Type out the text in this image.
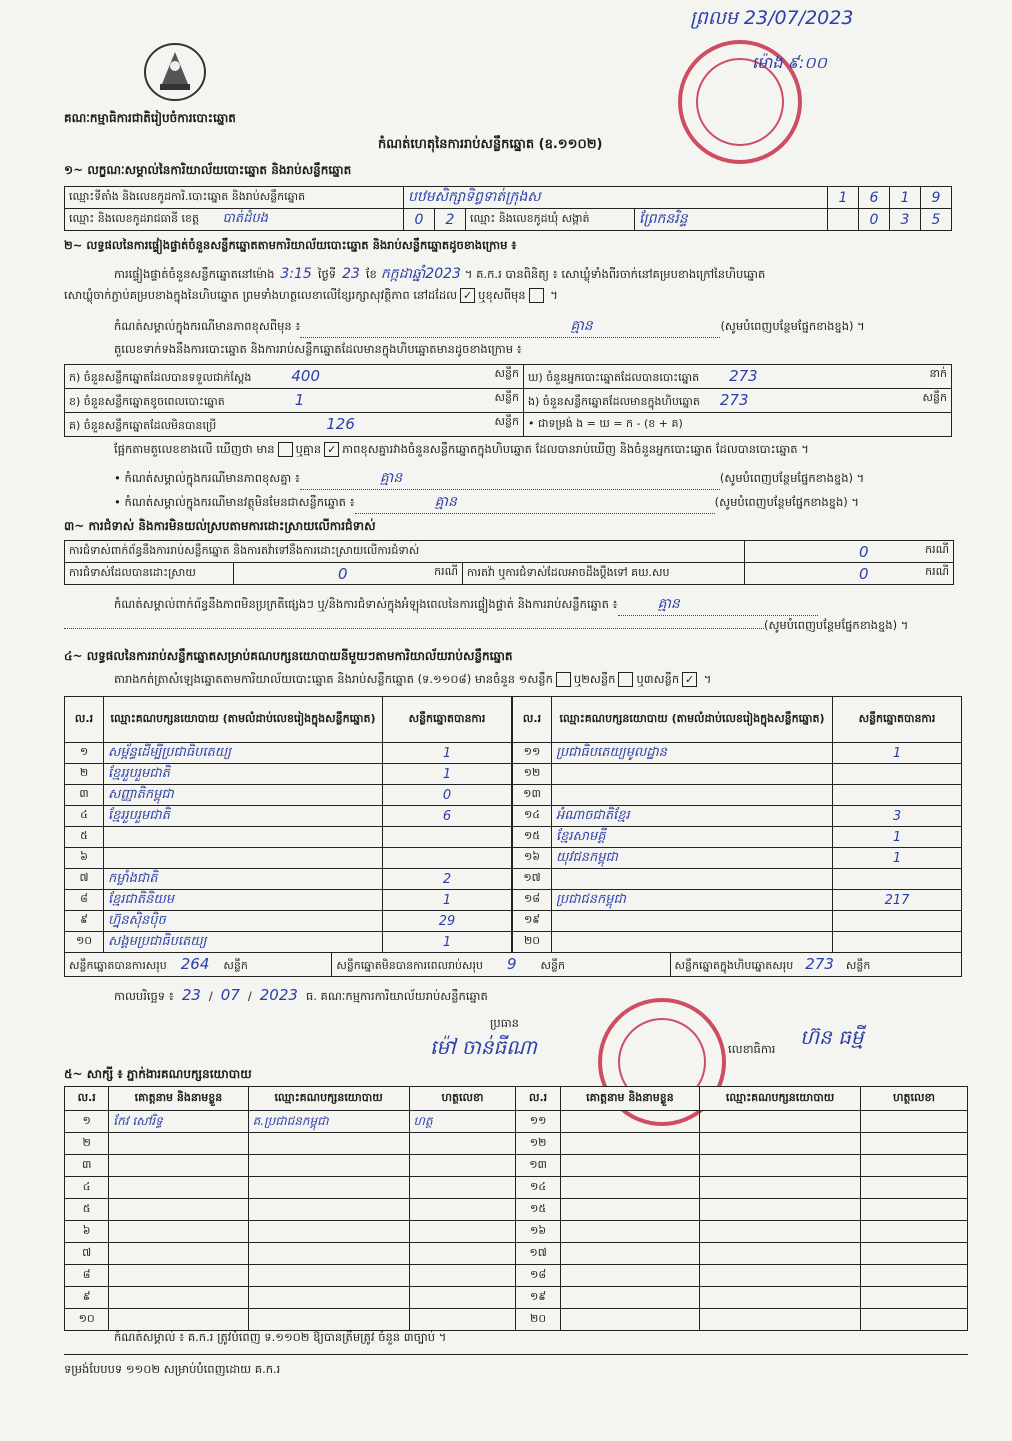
គណៈកម្មាធិការជាតិរៀបចំការបោះឆ្នោត
ព្រលម 23/07/2023
ម៉ោង ៩:០០
កំណត់ហេតុនៃការរាប់សន្លឹកឆ្នោត (ឧ.១១០២)
១~ លក្ខណៈសម្គាល់នៃការិយាល័យបោះឆ្នោត និងរាប់សន្លឹកឆ្នោត
ឈ្មោះទីតាំង និងលេខកូដការិ.បោះឆ្នោត និងរាប់សន្លឹកឆ្នោត	បឋមសិក្សាទិព្វទាត់ក្រុងស				1	6	1	9
ឈ្មោះ និងលេខកូដរាជធានី ខេត្ត បាត់ដំបង	0	2	ឈ្មោះ និងលេខកូដឃុំ សង្កាត់	ព្រែកនរិន្ទ		0	3	5
២~ លទ្ធផលនៃការផ្ទៀងផ្ទាត់ចំនួនសន្លឹកឆ្នោតតាមការិយាល័យបោះឆ្នោត និងរាប់សន្លឹកឆ្នោតដូចខាងក្រោម ៖
ការផ្ទៀងផ្ទាត់ចំនួនសន្លឹកឆ្នោតនៅម៉ោង 3:15 ថ្ងៃទី 23 ខែ កក្កដាឆ្នាំ2023 ។ គ.ក.រ បានពិនិត្យ ៖ សោឃ្លុំទាំងពីរចាក់នៅគម្របខាងក្រៅនៃហិបឆ្នោត
សោឃ្លុំចាក់ភ្ជាប់គម្របខាងក្នុងនៃហិបឆ្នោត ព្រមទាំងហត្ថលេខាលើខ្សែរក្សាសុវត្ថិភាព នៅដដែល ✓ ឬខុសពីមុន ។
កំណត់សម្គាល់ក្នុងករណីមានភាពខុសពីមុន ៖	គ្មាន	(សូមបំពេញបន្ថែមផ្នែកខាងខ្នង) ។
តួលេខទាក់ទងនឹងការបោះឆ្នោត និងការរាប់សន្លឹកឆ្នោតដែលមានក្នុងហិបឆ្នោតមានដូចខាងក្រោម ៖
ក) ចំនួនសន្លឹកឆ្នោតដែលបានទទួលជាក់ស្តែង 400 សន្លឹក	ឃ) ចំនួនអ្នកបោះឆ្នោតដែលបានបោះឆ្នោត 273 នាក់

ខ) ចំនួនសន្លឹកឆ្នោតខូចពេលបោះឆ្នោត 1 សន្លឹក	ង) ចំនួនសន្លឹកឆ្នោតដែលមានក្នុងហិបឆ្នោត 273 សន្លឹក

គ) ចំនួនសន្លឹកឆ្នោតដែលមិនបានប្រើ 126 សន្លឹក	• ជាទម្រង់ ង = ឃ = ក - (ខ + គ)
ផ្អែកតាមតួលេខខាងលើ ឃើញថា មាន ឬគ្មាន ✓ ភាពខុសគ្នារវាងចំនួនសន្លឹកឆ្នោតក្នុងហិបឆ្នោត ដែលបានរាប់ឃើញ និងចំនួនអ្នកបោះឆ្នោត ដែលបានបោះឆ្នោត ។
• កំណត់សម្គាល់ក្នុងករណីមានភាពខុសគ្នា ៖	គ្មាន	(សូមបំពេញបន្ថែមផ្នែកខាងខ្នង) ។
• កំណត់សម្គាល់ក្នុងករណីមានវត្ថុមិនមែនជាសន្លឹកឆ្នោត ៖	គ្មាន	(សូមបំពេញបន្ថែមផ្នែកខាងខ្នង) ។
៣~ ការជំទាស់ និងការមិនយល់ស្របតាមការដោះស្រាយលើការជំទាស់
ការជំទាស់ពាក់ព័ន្ធនឹងការរាប់សន្លឹកឆ្នោត និងការតវ៉ាទៅនឹងការដោះស្រាយលើការជំទាស់			0 ករណី

ការជំទាស់ដែលបានដោះស្រាយ	0 ករណី	ការតវ៉ា ឬការជំទាស់ដែលអាចដឹងប្តឹងទៅ គឃ.សប	0 ករណី
កំណត់សម្គាល់ពាក់ព័ន្ធនឹងភាពមិនប្រក្រតីផ្សេងៗ ឬ/និងការជំទាស់ក្នុងអំឡុងពេលនៃការផ្ទៀងផ្ទាត់ និងការរាប់សន្លឹកឆ្នោត ៖	គ្មាន
(សូមបំពេញបន្ថែមផ្នែកខាងខ្នង) ។
៤~ លទ្ធផលនៃការរាប់សន្លឹកឆ្នោតសម្រាប់គណបក្សនយោបាយនីមួយៗតាមការិយាល័យរាប់សន្លឹកឆ្នោត
តារាងកត់ត្រាសំឡេងឆ្នោតតាមការិយាល័យបោះឆ្នោត និងរាប់សន្លឹកឆ្នោត (ទ.១១០៨) មានចំនួន ១សន្លឹក ឬ២សន្លឹក ឬ៣សន្លឹក ✓ ។
ល.រ	ឈ្មោះគណបក្សនយោបាយ (តាមលំដាប់លេខរៀងក្នុងសន្លឹកឆ្នោត)	សន្លឹកឆ្នោតបានការ
១	សម្ព័ន្ធដើម្បីប្រជាធិបតេយ្យ	1
២	ខ្មែររួបរួមជាតិ	1
៣	សញ្ញាតិកម្ពុជា	0
៤	ខ្មែររួបរួមជាតិ	6
៥		
៦		
៧	កម្លាំងជាតិ	2
៨	ខ្មែរជាតិនិយម	1
៩	ហ្វ៊ុនស៊ិនប៉ិច	29
១០	សង្គមប្រជាធិបតេយ្យ	1
ល.រ	ឈ្មោះគណបក្សនយោបាយ (តាមលំដាប់លេខរៀងក្នុងសន្លឹកឆ្នោត)	សន្លឹកឆ្នោតបានការ
១១	ប្រជាធិបតេយ្យមូលដ្ឋាន	1
១២		
១៣		
១៤	អំណាចជាតិខ្មែរ	3
១៥	ខ្មែរសាមគ្គី	1
១៦	យុវជនកម្ពុជា	1
១៧		
១៨	ប្រជាជនកម្ពុជា	217
១៩		
២០		
សន្លឹកឆ្នោតបានការសរុប 264 សន្លឹក	សន្លឹកឆ្នោតមិនបានការពេលរាប់សរុប 9 សន្លឹក	សន្លឹកឆ្នោតក្នុងហិបឆ្នោតសរុប 273 សន្លឹក
កាលបរិច្ឆេទ ៖ 23 / 07 / 2023 ធ. គណៈកម្មការការិយាល័យរាប់សន្លឹកឆ្នោត
ប្រធាន
ម៉ៅ ចាន់ធីណា	លេខាធិការ ហ៊ន ធម្មី
៥~ សាក្សី ៖ ភ្នាក់ងារគណបក្សនយោបាយ
ល.រ	គោត្តនាម និងនាមខ្លួន	ឈ្មោះគណបក្សនយោបាយ	ហត្ថលេខា	ល.រ	គោត្តនាម និងនាមខ្លួន	ឈ្មោះគណបក្សនយោបាយ	ហត្ថលេខា
១	កែវ សៅរិទ្ធ	គ.ប្រជាជនកម្ពុជា	ហត្ថ	១១			
២				១២			
៣				១៣			
៤				១៤			
៥				១៥			
៦				១៦			
៧				១៧			
៨				១៨			
៩				១៩			
១០				២០			
កំណត់សម្គាល់ ៖ គ.ក.រ ត្រូវបំពេញ ទ.១១០២ ឱ្យបានត្រឹមត្រូវ ចំនួន ៣ច្បាប់ ។
ទម្រង់បែបបទ ១១០២ សម្រាប់បំពេញដោយ គ.ក.រ
